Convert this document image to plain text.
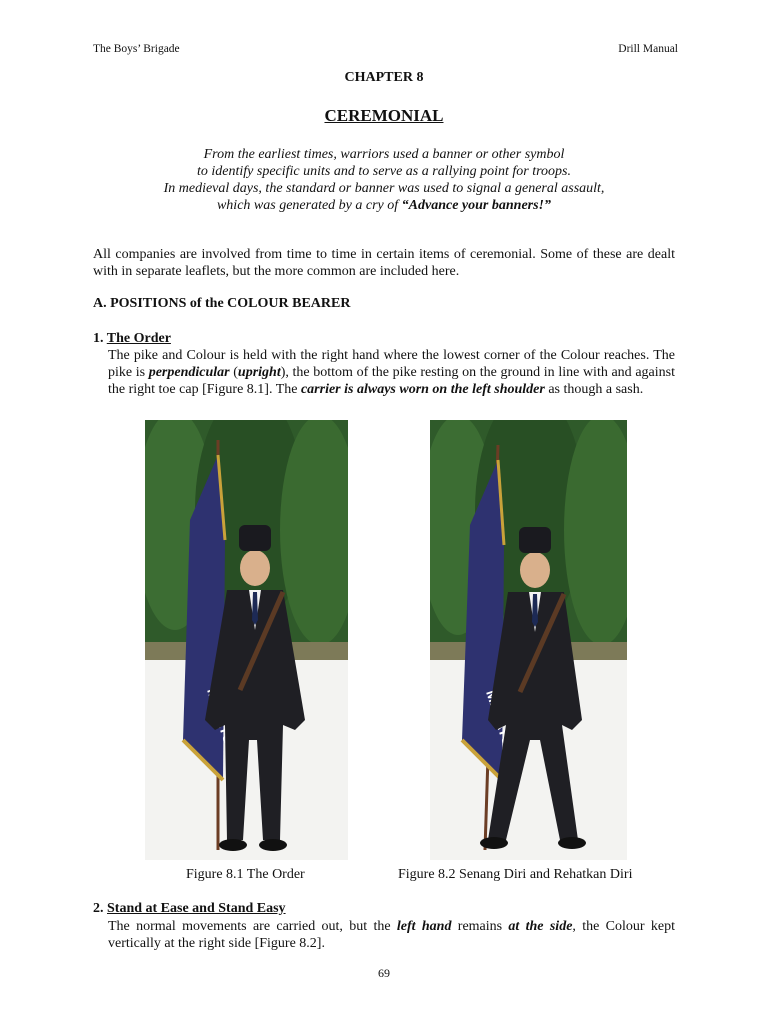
The Boys’ Brigade	Drill Manual
CHAPTER 8
CEREMONIAL
From the earliest times, warriors used a banner or other symbol
to identify specific units and to serve as a rallying point for troops.
In medieval days, the standard or banner was used to signal a general assault,
which was generated by a cry of “Advance your banners!”
All companies are involved from time to time in certain items of ceremonial. Some of these are dealt with in separate leaflets, but the more common are included here.
A. POSITIONS of the COLOUR BEARER
1. The Order
The pike and Colour is held with the right hand where the lowest corner of the Colour reaches. The pike is perpendicular (upright), the bottom of the pike resting on the ground in line with and against the right toe cap [Figure 8.1]. The carrier is always worn on the left shoulder as though a sash.
Figure 8.1 The Order	Figure 8.2 Senang Diri and Rehatkan Diri
2. Stand at Ease and Stand Easy
The normal movements are carried out, but the left hand remains at the side, the Colour kept vertically at the right side [Figure 8.2].
69
